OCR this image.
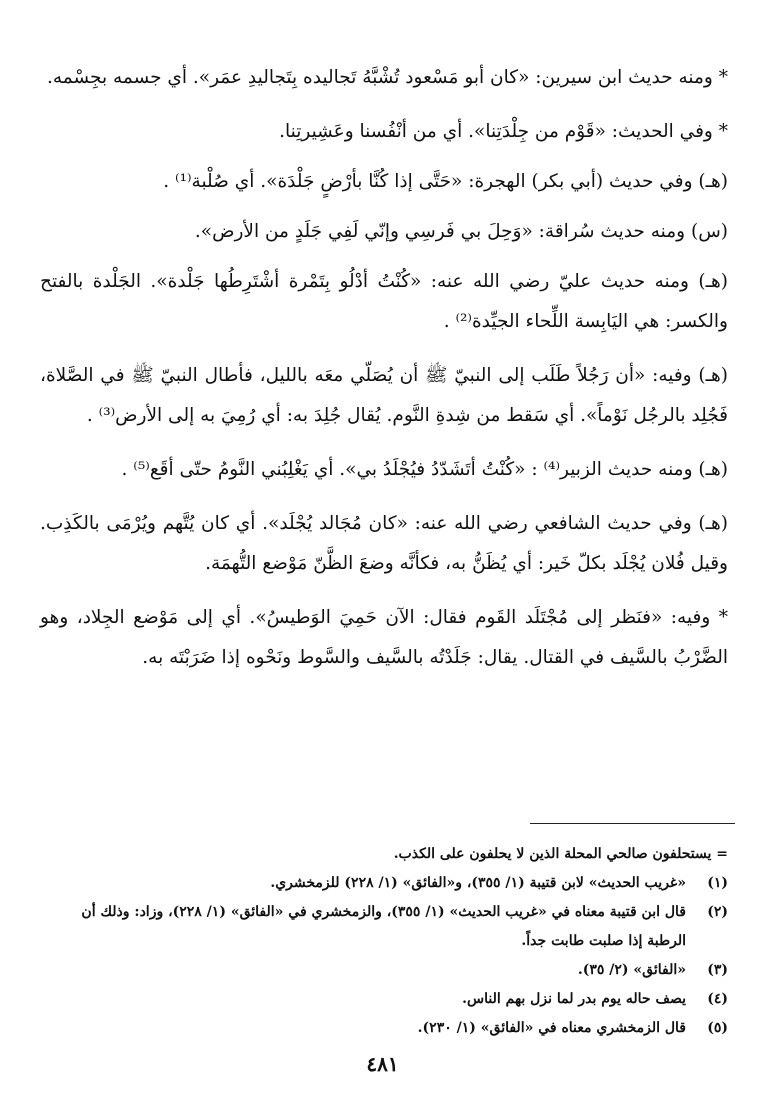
* ومنه حديث ابن سيرين: «كان أبو مَسْعود تُشْبَّهُ تَجاليده بِتَجاليدِ عمَر». أي جسمه بجِسْمه.

* وفي الحديث: «قَوْم من جِلْدَتِنا». أي من أنْفُسنا وعَشِيرتِنا.

(هـ) وفي حديث (أبي بكر) الهجرة: «حَتَّى إذا كُنَّا بأرْضٍ جَلْدَة». أي صُلْبة⁽¹⁾ .

(س) ومنه حديث سُراقة: «وَحِلَ بي فَرسِي وإنّي لَفِي جَلَدٍ من الأرض».

(هـ) ومنه حديث عليّ رضي الله عنه: «كُنْتُ أدْلُو بِتَمْرة أشْتَرِطُها جَلْدة». الجَلْدة بالفتح والكسر: هي اليَابِسة اللِّحاء الجيِّدة⁽²⁾ .

(هـ) وفيه: «أن رَجُلاً طَلَب إلى النبيّ ﷺ أن يُصَلّي معَه بالليل، فأطال النبيّ ﷺ في الصَّلاة، فَجُلِد بالرجُل نَوْماً». أي سَقط من شِدةِ النَّوم. يُقال جُلِدَ به: أي رُمِيَ به إلى الأرض⁽³⁾ .

(هـ) ومنه حديث الزبير⁽⁴⁾ : «كُنْتُ أتَشَدّدُ فيُجْلَدُ بي». أي يَغْلِبُني النَّومُ حتّى أقَع⁽⁵⁾ .

(هـ) وفي حديث الشافعي رضي الله عنه: «كان مُجَالد يُجْلَد». أي كان يُتَّهم ويُرْمَى بالكَذِب. وقيل فُلان يُجْلَد بكلّ خَير: أي يُظَنُّ به، فكأنَّه وضعَ الظَّنّ مَوْضع التُّهمَة.

* وفيه: «فنَظر إلى مُجْتَلَد القَوم فقال: الآن حَمِيَ الوَطيسُ». أي إلى مَوْضع الجِلاد، وهو الضَّرْبُ بالسَّيف في القتال. يقال: جَلَدْتُه بالسَّيف والسَّوط ونَحْوه إذا ضَرَبْتَه به.

= يستحلفون صالحي المحلة الذين لا يحلفون على الكذب.
(١)
«غريب الحديث» لابن قتيبة (١/ ٣٥٥)، و«الفائق» (١/ ٢٢٨) للزمخشري.
(٢)
قال ابن قتيبة معناه في «غريب الحديث» (١/ ٣٥٥)، والزمخشري في «الفائق» (١/ ٢٢٨)، وزاد: وذلك أن الرطبة إذا صلبت طابت جداً.
(٣)
«الفائق» (٢/ ٣٥).
(٤)
يصف حاله يوم بدر لما نزل بهم الناس.
(٥)
قال الزمخشري معناه في «الفائق» (١/ ٢٣٠).
٤٨١
